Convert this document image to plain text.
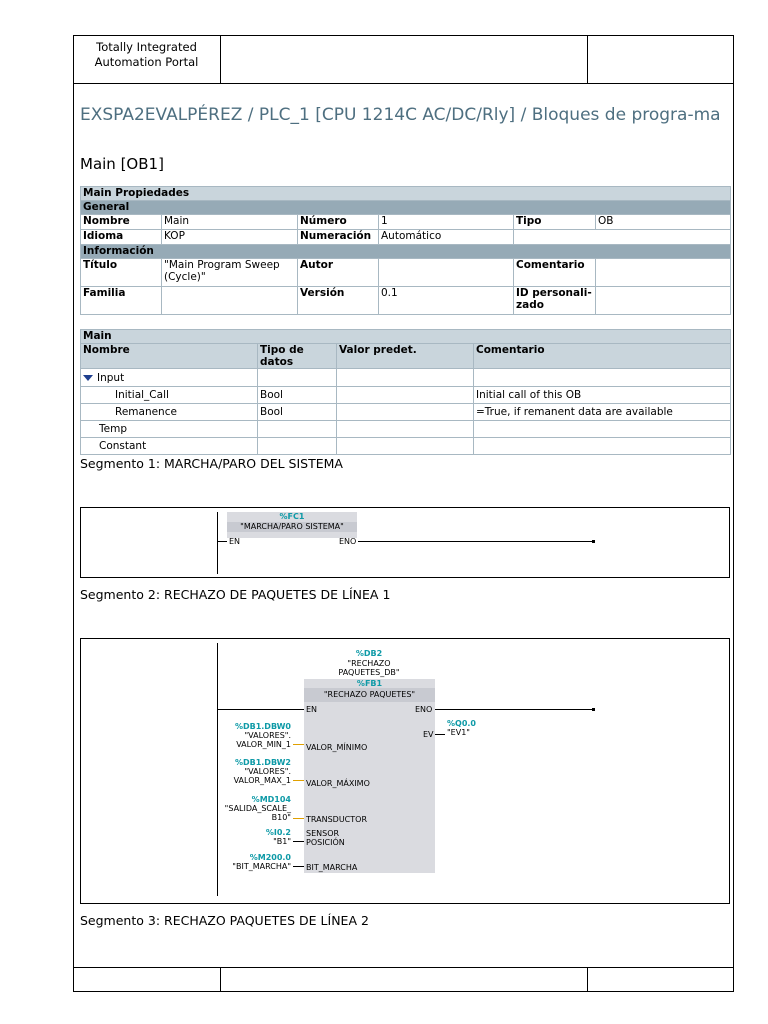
Totally Integrated
Automation Portal
EXSPA2EVALPÉREZ / PLC_1 [CPU 1214C AC/DC/Rly] / Bloques de progra-ma
Main [OB1]
Main Propiedades					
General					
Nombre	Main	Número	1	Tipo	OB
Idioma	KOP	Numeración	Automático		
Información					
Título	"Main Program Sweep (Cycle)"	Autor		Comentario	
Familia		Versión	0.1	ID personali-zado	
Main			
Nombre	Tipo de datos	Valor predet.	Comentario
Input			
Initial_Call	Bool		Initial call of this OB
Remanence	Bool		=True, if remanent data are available
Temp			
Constant			
Segmento 1: MARCHA/PARO DEL SISTEMA
%FC1
"MARCHA/PARO SISTEMA"
EN	ENO
Segmento 2: RECHAZO DE PAQUETES DE LÍNEA 1
%DB2
"RECHAZO
PAQUETES_DB"
%FB1
"RECHAZO PAQUETES"
EN	ENO
EV
%Q0.0
"EV1"
%DB1.DBW0
"VALORES".
VALOR_MIN_1 VALOR_MÍNIMO
%DB1.DBW2
"VALORES".
VALOR_MAX_1 VALOR_MÁXIMO
%MD104
"SALIDA_SCALE_
B10" TRANSDUCTOR
%I0.2
"B1"
SENSOR
POSICIÓN
%M200.0
"BIT_MARCHA" BIT_MARCHA
Segmento 3: RECHAZO PAQUETES DE LÍNEA 2
